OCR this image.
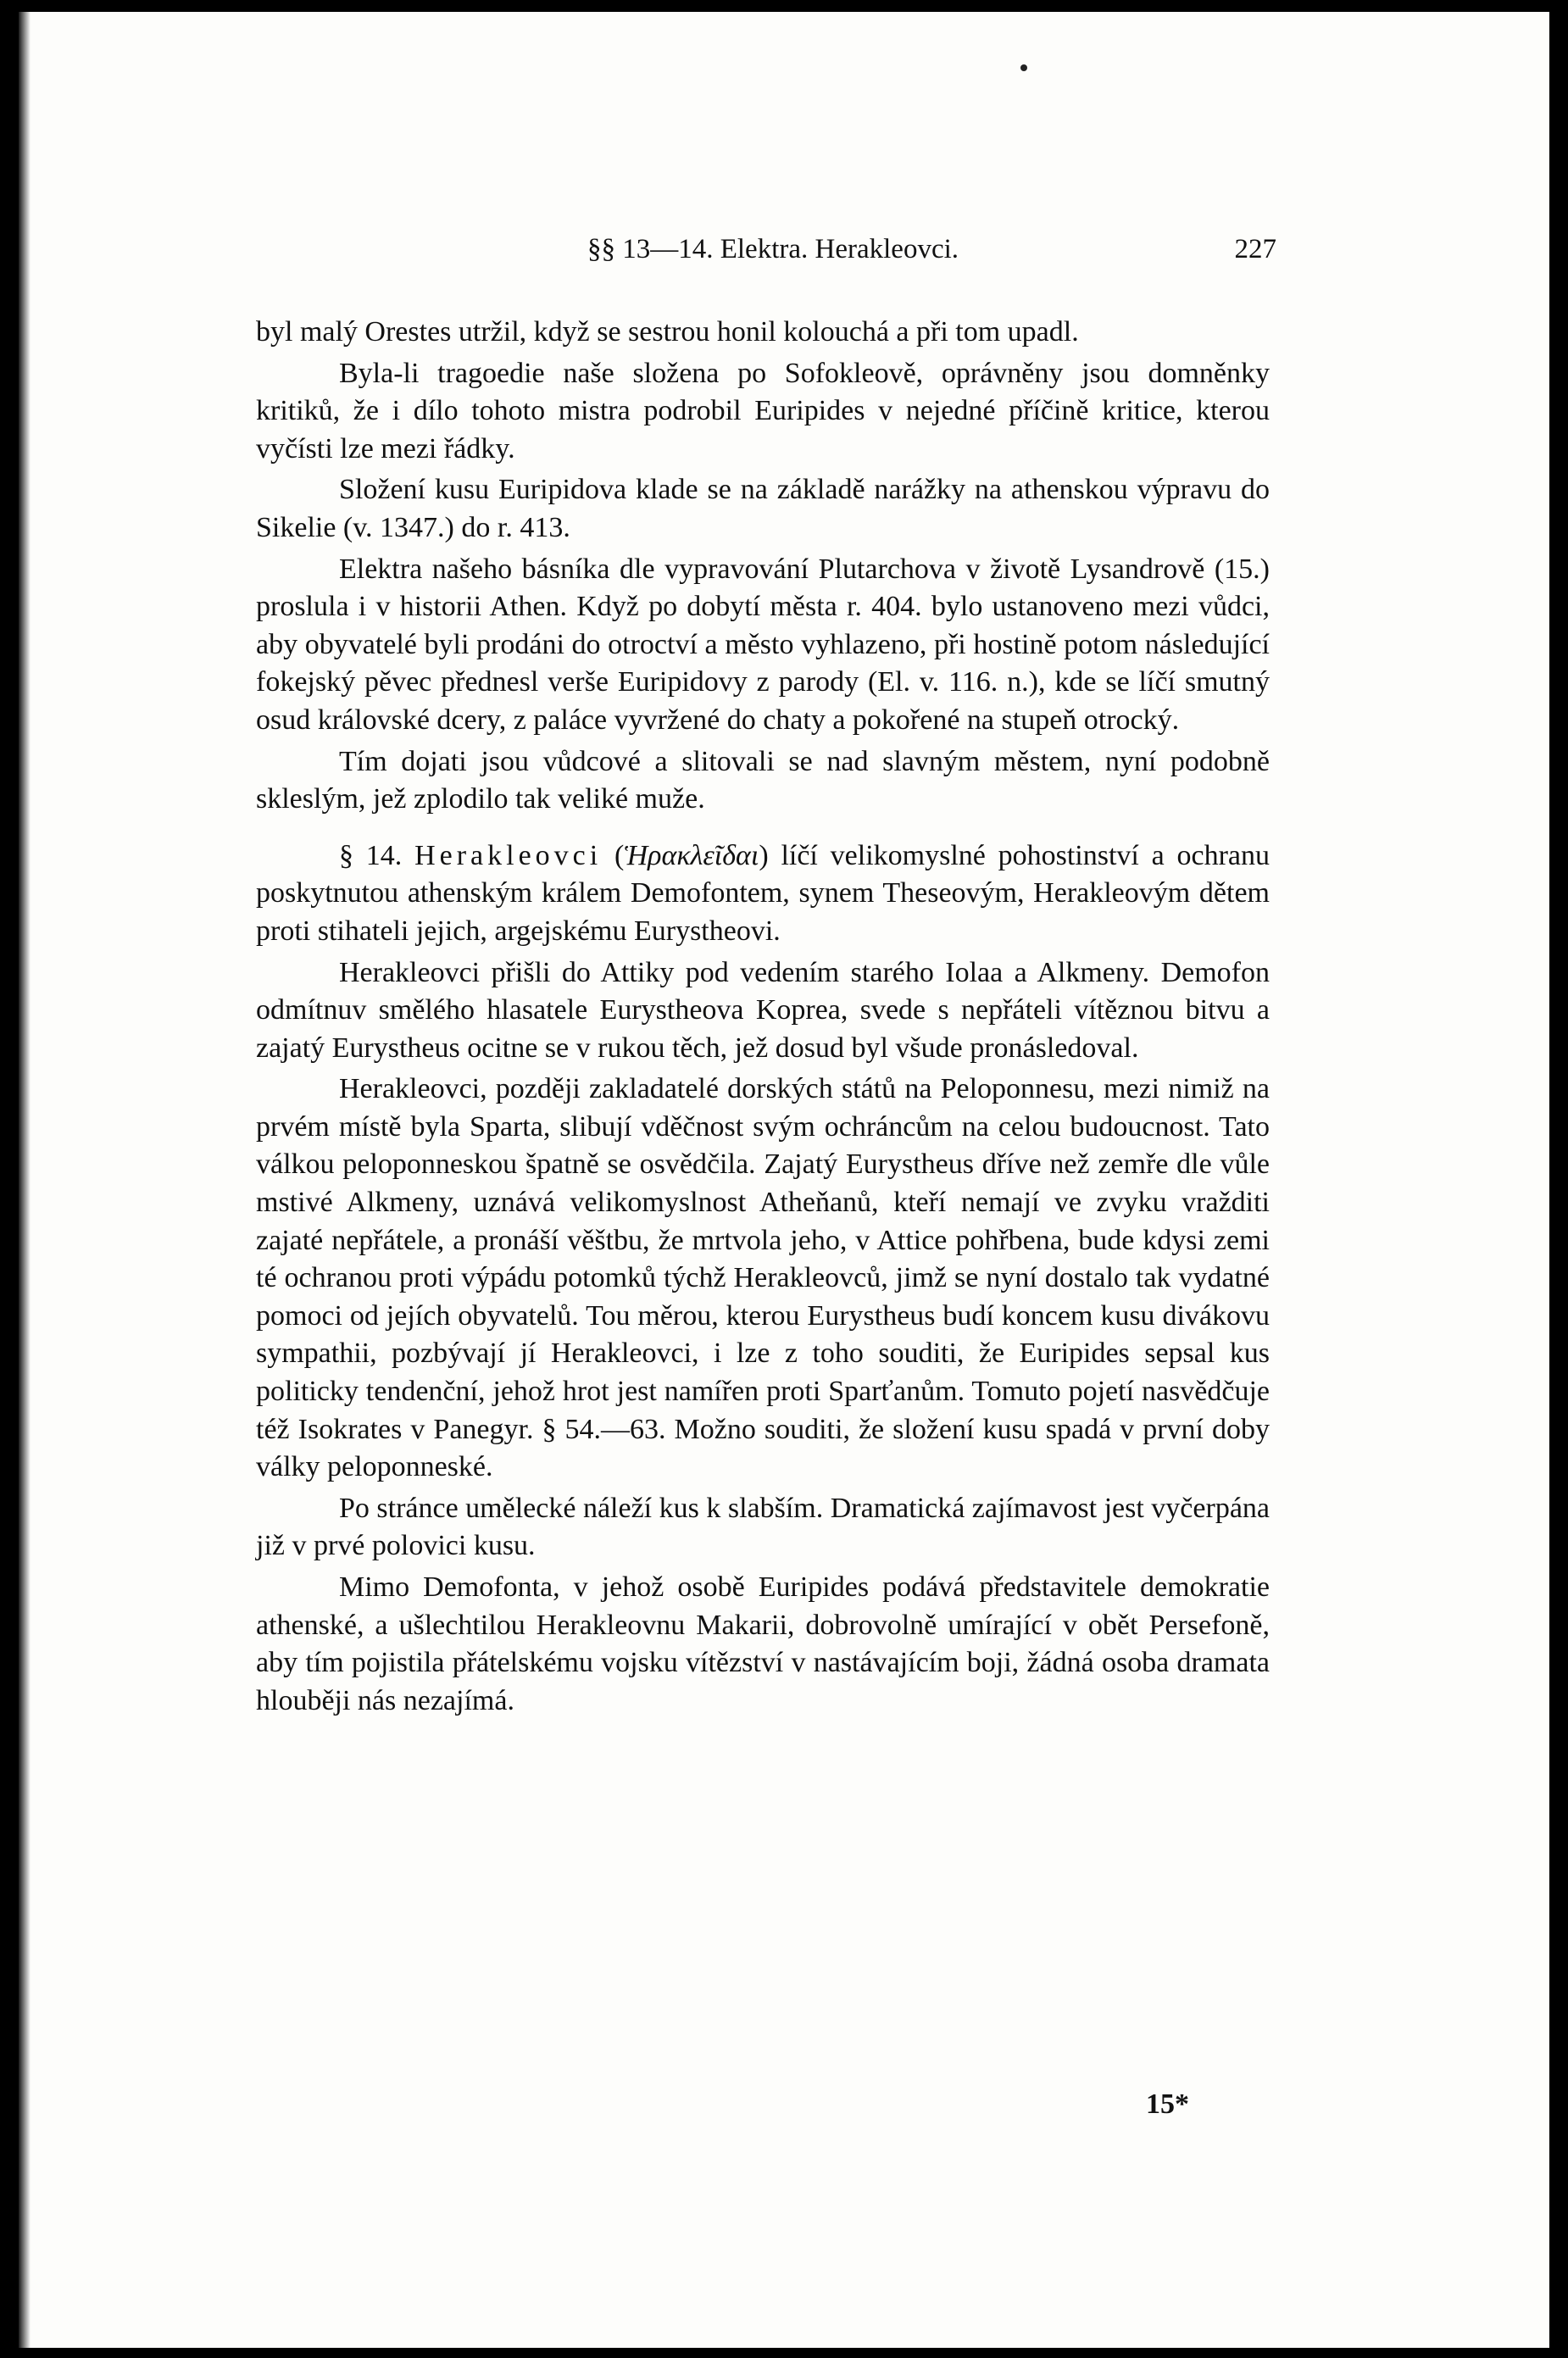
§§ 13—14. Elektra. Herakleovci.	227

byl malý Orestes utržil, když se sestrou honil kolouchá a při tom upadl.

Byla-li tragoedie naše složena po Sofokleově, oprávněny jsou domněnky kritiků, že i dílo tohoto mistra podrobil Euripides v nejedné příčině kritice, kterou vyčísti lze mezi řádky.

Složení kusu Euripidova klade se na základě narážky na athenskou výpravu do Sikelie (v. 1347.) do r. 413.

Elektra našeho básníka dle vypravování Plutarchova v životě Lysandrově (15.) proslula i v historii Athen. Když po dobytí města r. 404. bylo ustanoveno mezi vůdci, aby obyvatelé byli prodáni do otroctví a město vyhlazeno, při hostině potom následující fokejský pěvec přednesl verše Euripidovy z parody (El. v. 116. n.), kde se líčí smutný osud královské dcery, z paláce vyvržené do chaty a pokořené na stupeň otrocký.

Tím dojati jsou vůdcové a slitovali se nad slavným městem, nyní podobně skleslým, jež zplodilo tak veliké muže.

§ 14. Herakleovci (Ἡρακλεῖδαι) líčí velikomyslné pohostinství a ochranu poskytnutou athenským králem Demofontem, synem Theseovým, Herakleovým dětem proti stihateli jejich, argejskému Eurystheovi.

Herakleovci přišli do Attiky pod vedením starého Iolaa a Alkmeny. Demofon odmítnuv smělého hlasatele Eurystheova Koprea, svede s nepřáteli vítěznou bitvu a zajatý Eurystheus ocitne se v rukou těch, jež dosud byl všude pronásledoval.

Herakleovci, později zakladatelé dorských států na Peloponnesu, mezi nimiž na prvém místě byla Sparta, slibují vděčnost svým ochráncům na celou budoucnost. Tato válkou peloponneskou špatně se osvědčila. Zajatý Eurystheus dříve než zemře dle vůle mstivé Alkmeny, uznává velikomyslnost Atheňanů, kteří nemají ve zvyku vražditi zajaté nepřátele, a pronáší věštbu, že mrtvola jeho, v Attice pohřbena, bude kdysi zemi té ochranou proti výpádu potomků týchž Herakleovců, jimž se nyní dostalo tak vydatné pomoci od jejích obyvatelů. Tou měrou, kterou Eurystheus budí koncem kusu divákovu sympathii, pozbývají jí Herakleovci, i lze z toho souditi, že Euripides sepsal kus politicky tendenční, jehož hrot jest namířen proti Sparťanům. Tomuto pojetí nasvědčuje též Isokrates v Panegyr. § 54.—63. Možno souditi, že složení kusu spadá v první doby války peloponneské.

Po stránce umělecké náleží kus k slabším. Dramatická zajímavost jest vyčerpána již v prvé polovici kusu.

Mimo Demofonta, v jehož osobě Euripides podává představitele demokratie athenské, a ušlechtilou Herakleovnu Makarii, dobrovolně umírající v obět Persefoně, aby tím pojistila přátelskému vojsku vítězství v nastávajícím boji, žádná osoba dramata hlouběji nás nezajímá.

15*
